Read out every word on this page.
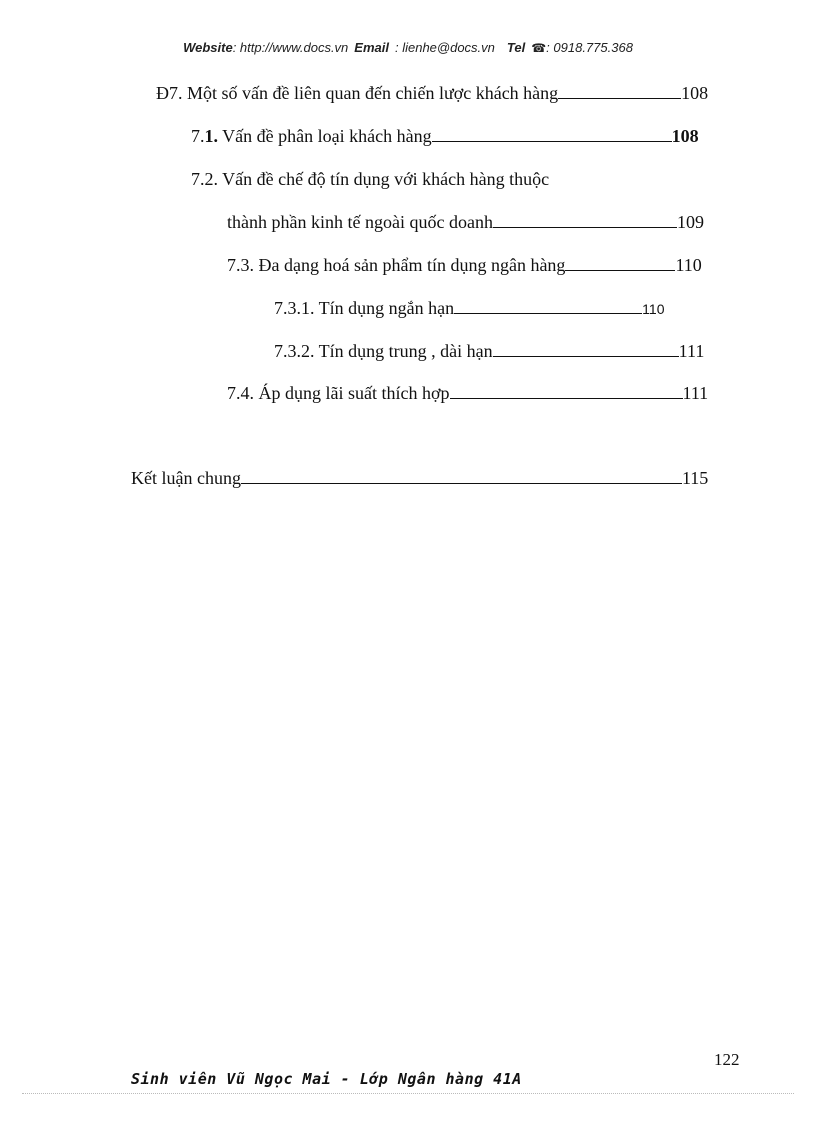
Website: http://www.docs.vn Email : lienhe@docs.vn Tel ☎: 0918.775.368
Đ7. Một số vấn đề liên quan đến chiến lược khách hàng	108
7.1. Vấn đề phân loại khách hàng	108
7.2. Vấn đề chế độ tín dụng với khách hàng thuộc
thành phần kinh tế ngoài quốc doanh	109
7.3. Đa dạng hoá sản phẩm tín dụng ngân hàng	110
7.3.1. Tín dụng ngắn hạn	110
7.3.2. Tín dụng trung , dài hạn	111
7.4. Áp dụng lãi suất thích hợp	111
Kết luận chung	115
122
Sinh viên Vũ Ngọc Mai - Lớp Ngân hàng 41A
